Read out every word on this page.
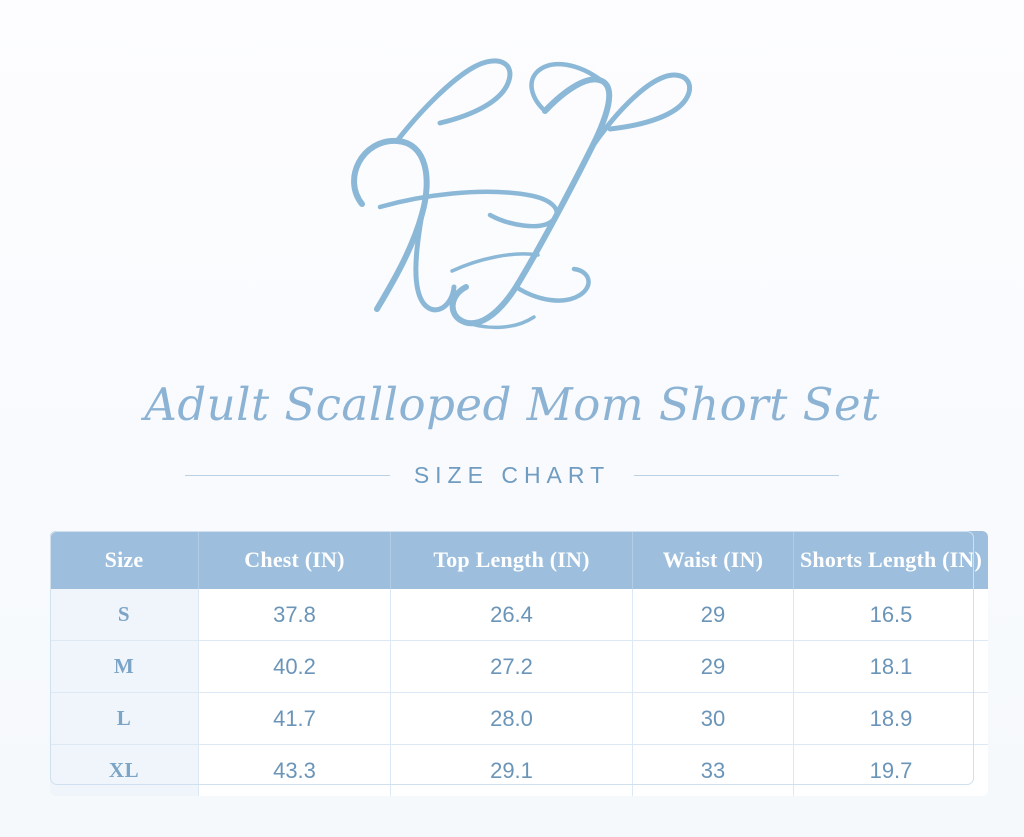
Adult Scalloped Mom Short Set
SIZE CHART
Size	Chest (IN)	Top Length (IN)	Waist (IN)	Shorts Length (IN)
S	37.8	26.4	29	16.5
M	40.2	27.2	29	18.1
L	41.7	28.0	30	18.9
XL	43.3	29.1	33	19.7
